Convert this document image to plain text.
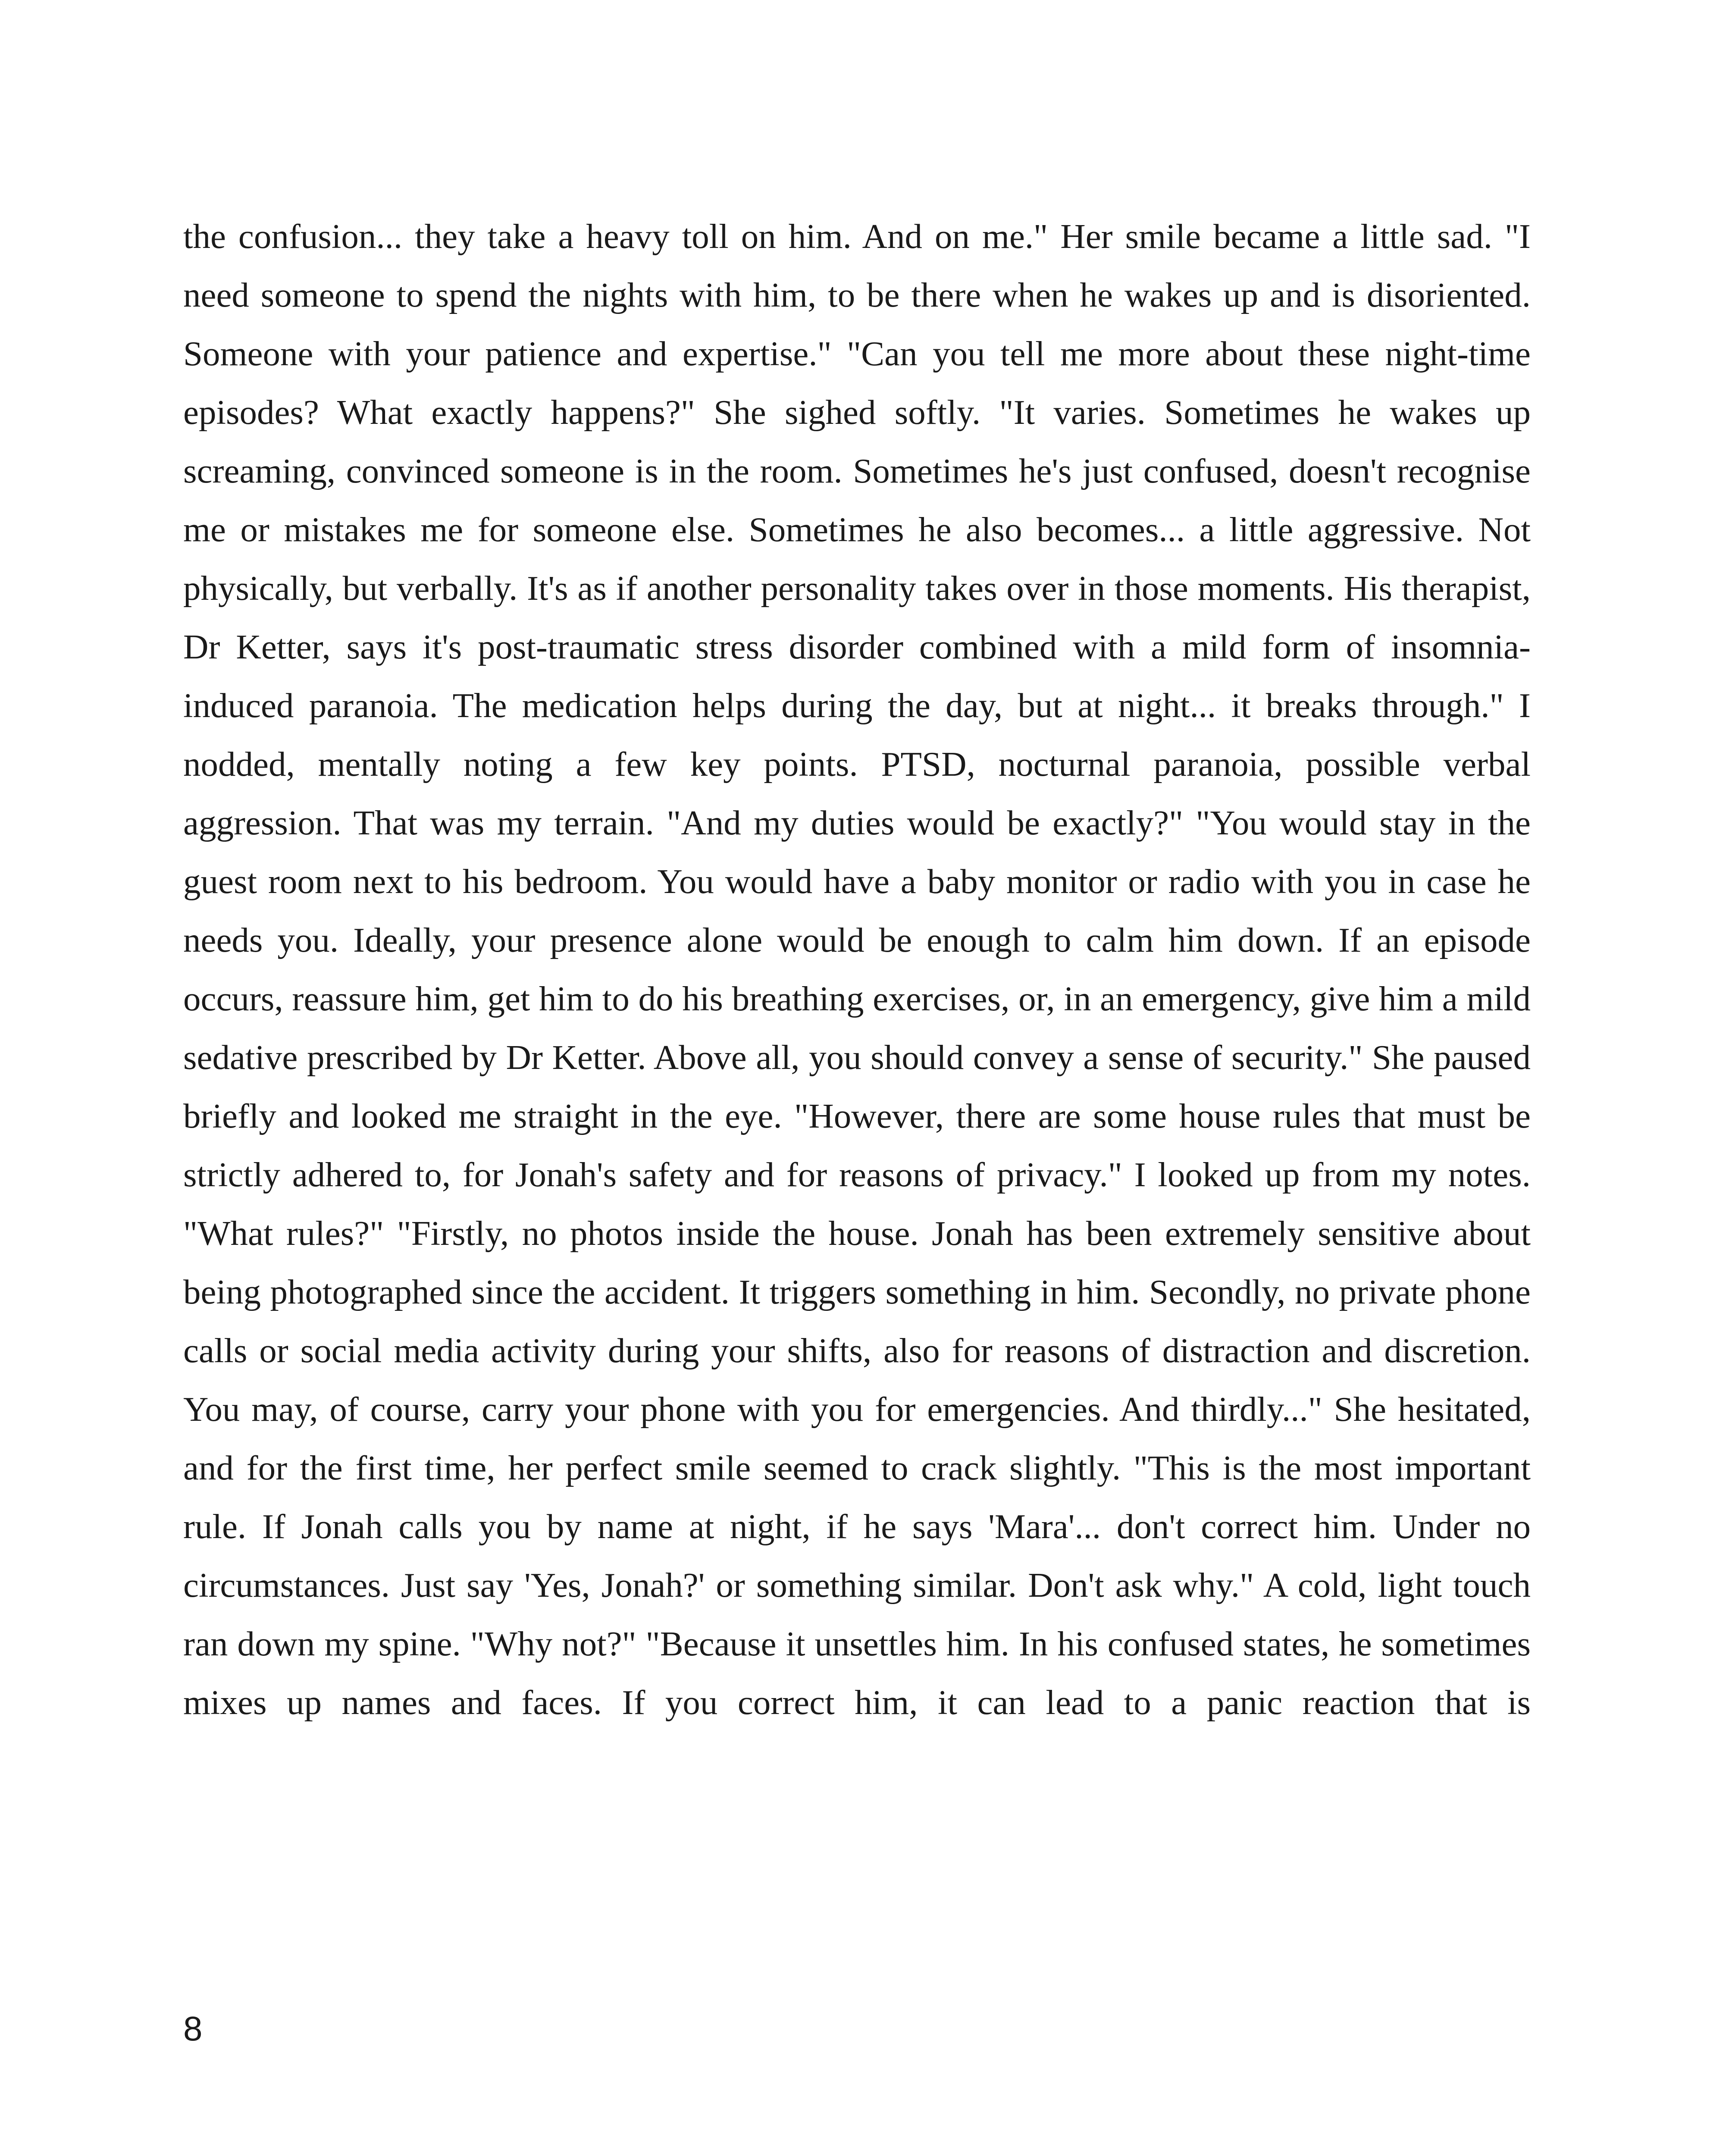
the confusion... they take a heavy toll on him. And on me." Her smile became a little sad. "I need someone to spend the nights with him, to be there when he wakes up and is disoriented. Someone with your patience and expertise." "Can you tell me more about these night-time episodes? What exactly happens?" She sighed softly. "It varies. Sometimes he wakes up screaming, convinced someone is in the room. Sometimes he's just confused, doesn't recognise me or mistakes me for someone else. Sometimes he also becomes... a little aggressive. Not physically, but verbally. It's as if another personality takes over in those moments. His therapist, Dr Ketter, says it's post-traumatic stress disorder combined with a mild form of insomnia-induced paranoia. The medication helps during the day, but at night... it breaks through." I nodded, mentally noting a few key points. PTSD, nocturnal paranoia, possible verbal aggression. That was my terrain. "And my duties would be exactly?" "You would stay in the guest room next to his bedroom. You would have a baby monitor or radio with you in case he needs you. Ideally, your presence alone would be enough to calm him down. If an episode occurs, reassure him, get him to do his breathing exercises, or, in an emergency, give him a mild sedative prescribed by Dr Ketter. Above all, you should convey a sense of security." She paused briefly and looked me straight in the eye. "However, there are some house rules that must be strictly adhered to, for Jonah's safety and for reasons of privacy." I looked up from my notes. "What rules?" "Firstly, no photos inside the house. Jonah has been extremely sensitive about being photographed since the accident. It triggers something in him. Secondly, no private phone calls or social media activity during your shifts, also for reasons of distraction and discretion. You may, of course, carry your phone with you for emergencies. And thirdly..." She hesitated, and for the first time, her perfect smile seemed to crack slightly. "This is the most important rule. If Jonah calls you by name at night, if he says 'Mara'... don't correct him. Under no circumstances. Just say 'Yes, Jonah?' or something similar. Don't ask why." A cold, light touch ran down my spine. "Why not?" "Because it unsettles him. In his confused states, he sometimes mixes up names and faces. If you correct him, it can lead to a panic reaction that is

8
